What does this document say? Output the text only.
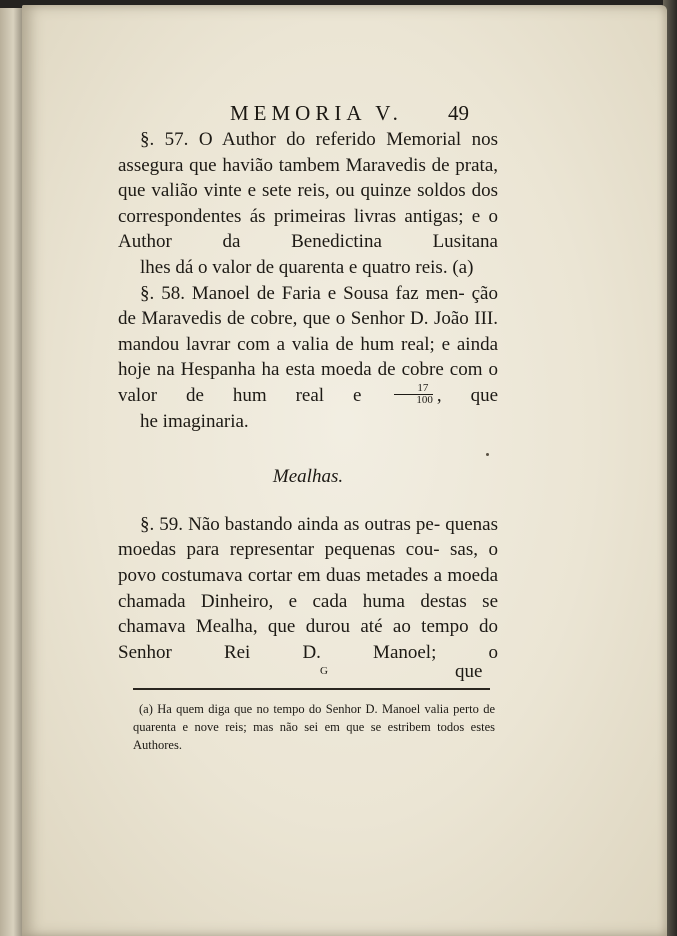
MEMORIA V. 49

§. 57. O Author do referido Memorial nos assegura que havião tambem Maravedis de prata, que valião vinte e sete reis, ou quinze soldos dos correspondentes ás primeiras livras antigas; e o Author da Benedictina Lusitana
lhes dá o valor de quarenta e quatro reis. (a)

§. 58. Manoel de Faria e Sousa faz men- ção de Maravedis de cobre, que o Senhor D. João III. mandou lavrar com a valia de hum real; e ainda hoje na Hespanha ha esta moeda de cobre com o valor de hum real e	$\frac{17}{100}$ , que
he imaginaria.

Mealhas.

§. 59. Não bastando ainda as outras pe- quenas moedas para representar pequenas cou- sas, o povo costumava cortar em duas metades a moeda chamada Dinheiro, e cada huma destas se chamava Mealha, que durou até ao tempo do Senhor Rei D. Manoel; o

G	que

(a) Ha quem diga que no tempo do Senhor D. Manoel valia perto de quarenta e nove reis; mas não sei em que se estribem todos estes Authores.
